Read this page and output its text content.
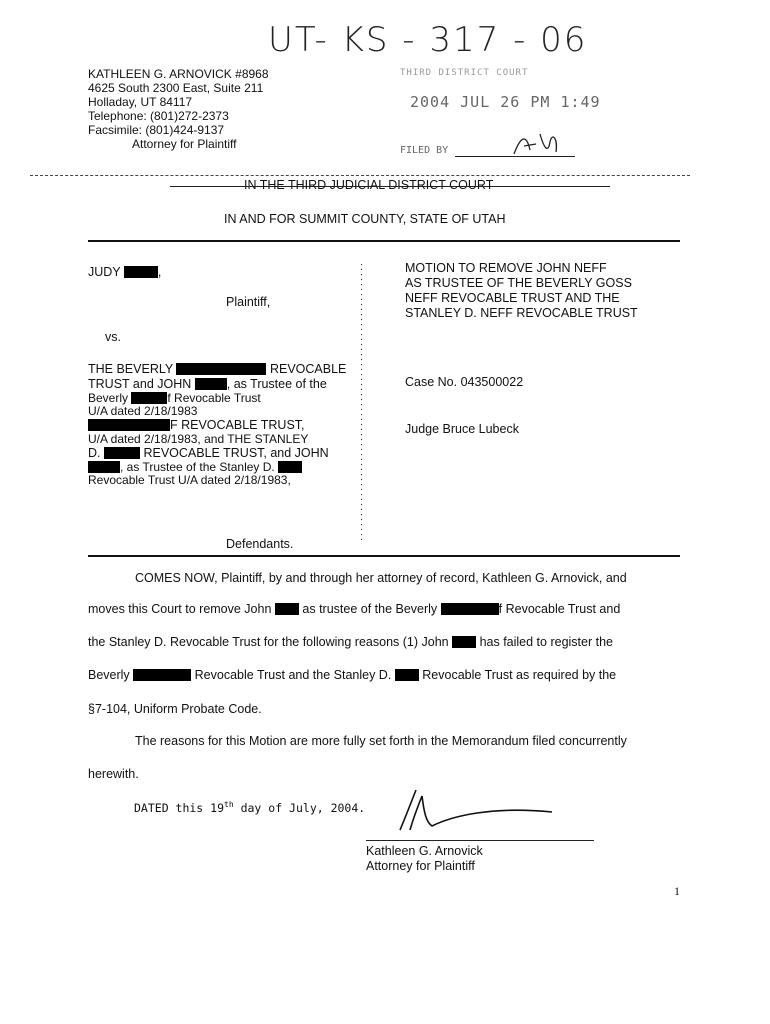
UT- KS - 317 - 06
KATHLEEN G. ARNOVICK #8968
4625 South 2300 East, Suite 211
Holladay, UT 84117
Telephone: (801)272-2373
Facsimile: (801)424-9137
Attorney for Plaintiff
THIRD DISTRICT COURT
2004 JUL 26 PM 1:49
FILED BY
IN THE THIRD JUDICIAL DISTRICT COURT
IN AND FOR SUMMIT COUNTY, STATE OF UTAH
JUDY	,
Plaintiff,
vs.
THE BEVERLY	REVOCABLE
TRUST and JOHN	, as Trustee of the
Beverly	f Revocable Trust
U/A dated 2/18/1983
F REVOCABLE TRUST,
U/A dated 2/18/1983, and THE STANLEY
D.	REVOCABLE TRUST, and JOHN
, as Trustee of the Stanley D.
Revocable Trust U/A dated 2/18/1983,
Defendants.
:
:
:
:
:
:
:
:
:
:
:
:
:
:
:
:
:
:
:
:
:
:
:
:
:
:
:
:
MOTION TO REMOVE JOHN NEFF
AS TRUSTEE OF THE BEVERLY GOSS
NEFF REVOCABLE TRUST AND THE
STANLEY D. NEFF REVOCABLE TRUST
Case No. 043500022
Judge Bruce Lubeck
COMES NOW, Plaintiff, by and through her attorney of record, Kathleen G. Arnovick, and
moves this Court to remove John as trustee of the Beverly	f Revocable Trust and
the Stanley D. Revocable Trust for the following reasons (1) John has failed to register the
Beverly	Revocable Trust and the Stanley D. Revocable Trust as required by the
§7-104, Uniform Probate Code.
The reasons for this Motion are more fully set forth in the Memorandum filed concurrently
herewith.
DATED this 19th day of July, 2004.
Kathleen G. Arnovick
Attorney for Plaintiff
1
